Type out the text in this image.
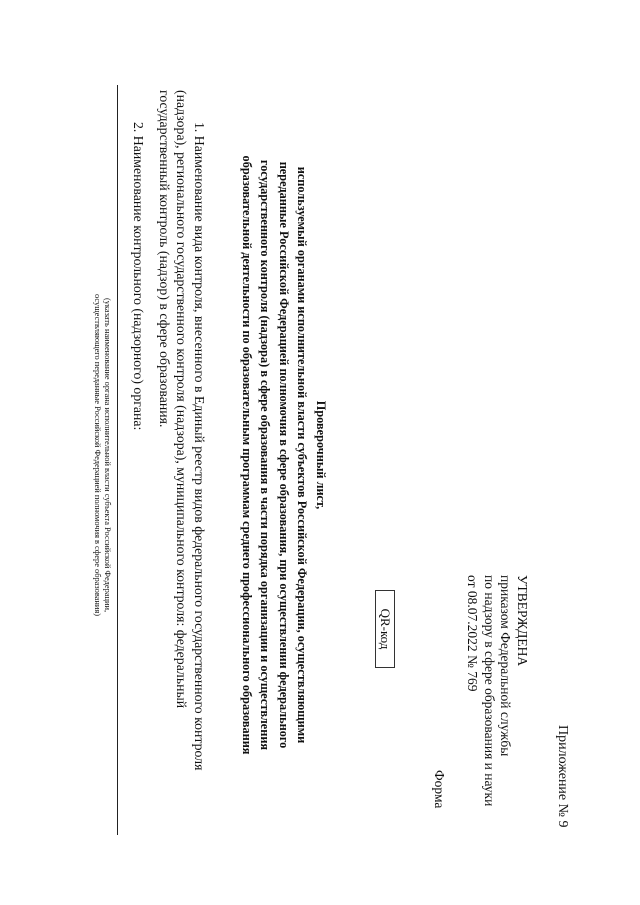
Приложение № 9
УТВЕРЖДЕНА
приказом Федеральной службы
по надзору в сфере образования и науки
от 08.07.2022 № 769
Форма
QR-код
Проверочный лист,
используемый органами исполнительной власти субъектов Российской Федерации, осуществляющими
переданные Российской Федерацией полномочия в сфере образования, при осуществлении федерального
государственного контроля (надзора) в сфере образования в части порядка организации и осуществления
образовательной деятельности по образовательным программам среднего профессионального образования
1. Наименование вида контроля, внесенного в Единый реестр видов федерального государственного контроля
(надзора), регионального государственного контроля (надзора), муниципального контроля: федеральный
государственный контроль (надзор) в сфере образования.
2. Наименование контрольного (надзорного) органа:
(указать наименование органа исполнительной власти субъекта Российской Федерации,
осуществляющего переданные Российской Федерацией полномочия в сфере образования)
